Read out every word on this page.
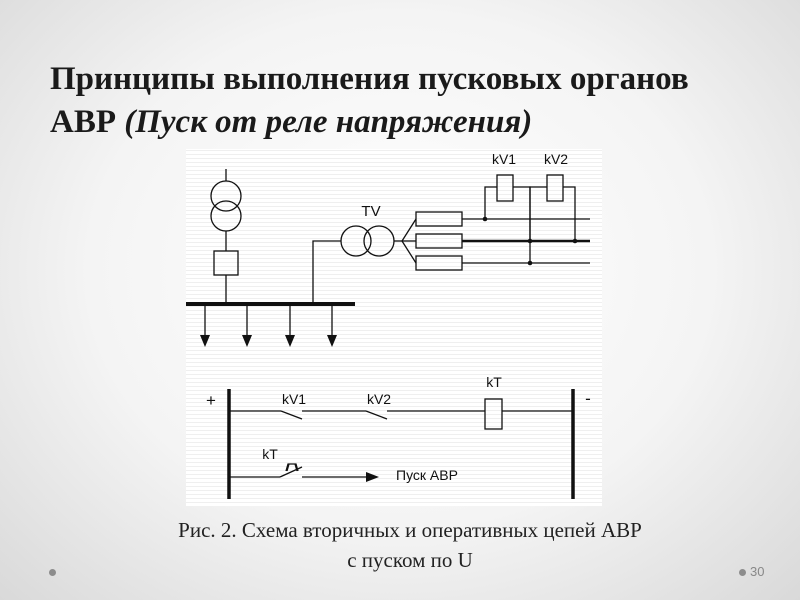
Принципы выполнения пусковых органов
АВР (Пуск от реле напряжения)
TV
kV1 kV2
+	-
kV1	kV2
kT
kT
Пуск АВР
Рис. 2. Схема вторичных и оперативных цепей АВР
с пуском по U	30
